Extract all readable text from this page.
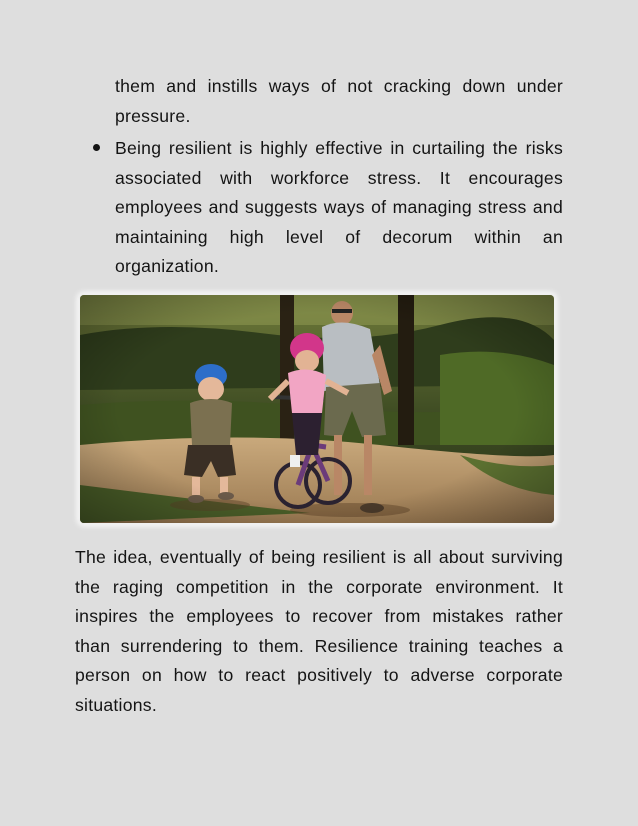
them and instills ways of not cracking down under pressure.

Being resilient is highly effective in curtailing the risks associated with workforce stress. It encourages employees and suggests ways of managing stress and maintaining high level of decorum within an organization.

The idea, eventually of being resilient is all about surviving the raging competition in the corporate environment. It inspires the employees to recover from mistakes rather than surrendering to them. Resilience training teaches a person on how to react positively to adverse corporate situations.
